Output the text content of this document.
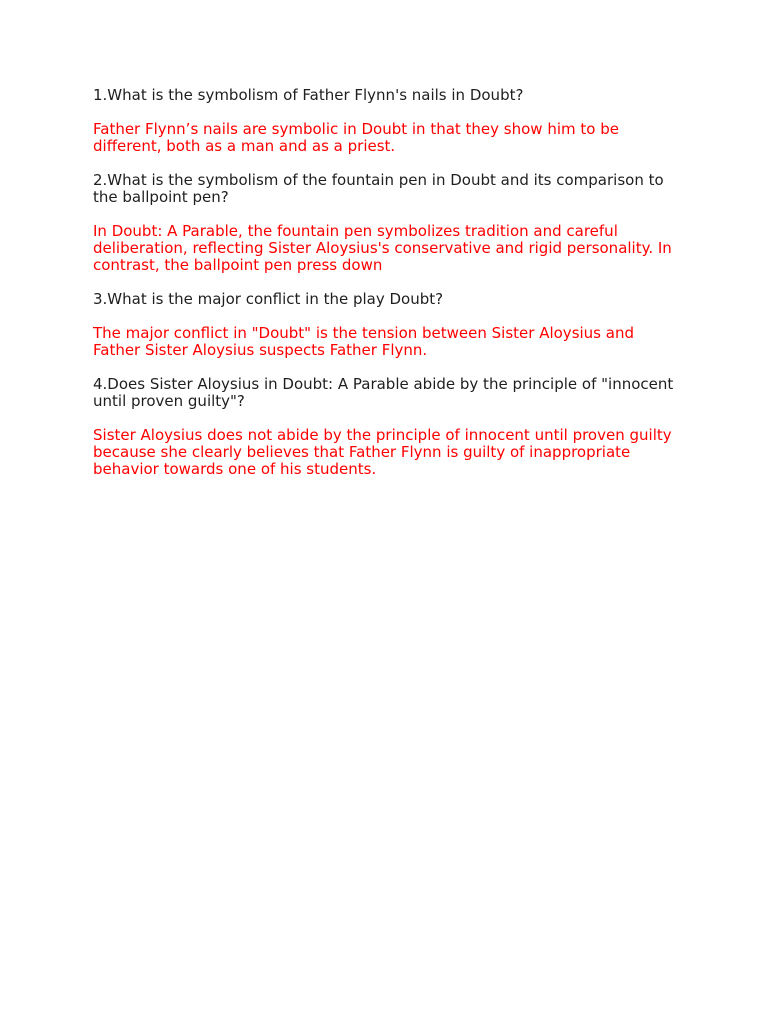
1.What is the symbolism of Father Flynn's nails in Doubt?

Father Flynn’s nails are symbolic in Doubt in that they show him to be different, both as a man and as a priest.

2.What is the symbolism of the fountain pen in Doubt and its comparison to the ballpoint pen?

In Doubt: A Parable, the fountain pen symbolizes tradition and careful deliberation, reflecting Sister Aloysius's conservative and rigid personality. In contrast, the ballpoint pen press down

3.What is the major conflict in the play Doubt?

The major conflict in "Doubt" is the tension between Sister Aloysius and Father Sister Aloysius suspects Father Flynn.

4.Does Sister Aloysius in Doubt: A Parable abide by the principle of "innocent until proven guilty"?

Sister Aloysius does not abide by the principle of innocent until proven guilty because she clearly believes that Father Flynn is guilty of inappropriate behavior towards one of his students.
